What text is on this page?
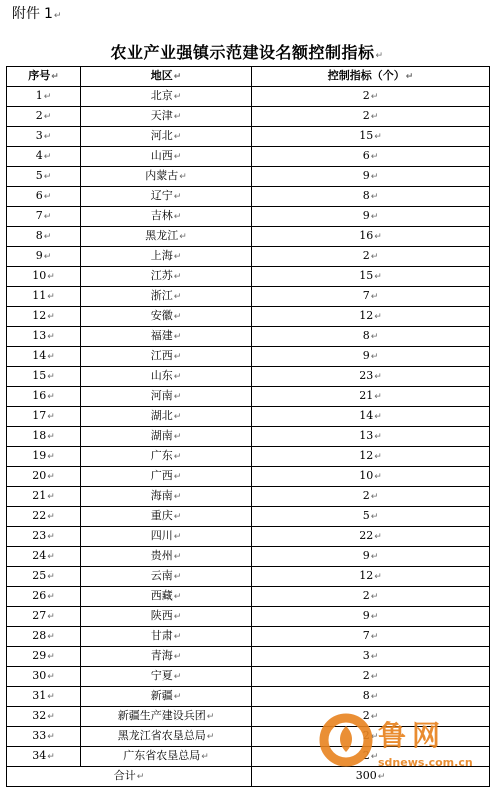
附件 1↵
农业产业强镇示范建设名额控制指标↵
序号↵	地区↵	控制指标（个）↵
1↵	北京↵	2↵
2↵	天津↵	2↵
3↵	河北↵	15↵
4↵	山西↵	6↵
5↵	内蒙古↵	9↵
6↵	辽宁↵	8↵
7↵	吉林↵	9↵
8↵	黑龙江↵	16↵
9↵	上海↵	2↵
10↵	江苏↵	15↵
11↵	浙江↵	7↵
12↵	安徽↵	12↵
13↵	福建↵	8↵
14↵	江西↵	9↵
15↵	山东↵	23↵
16↵	河南↵	21↵
17↵	湖北↵	14↵
18↵	湖南↵	13↵
19↵	广东↵	12↵
20↵	广西↵	10↵
21↵	海南↵	2↵
22↵	重庆↵	5↵
23↵	四川↵	22↵
24↵	贵州↵	9↵
25↵	云南↵	12↵
26↵	西藏↵	2↵
27↵	陕西↵	9↵
28↵	甘肃↵	7↵
29↵	青海↵	3↵
30↵	宁夏↵	2↵
31↵	新疆↵	8↵
32↵	新疆生产建设兵团↵	2↵
33↵	黑龙江省农垦总局↵	2↵
34↵	广东省农垦总局↵	2↵
合计↵		300↵
鲁网
sdnews.com.cn
